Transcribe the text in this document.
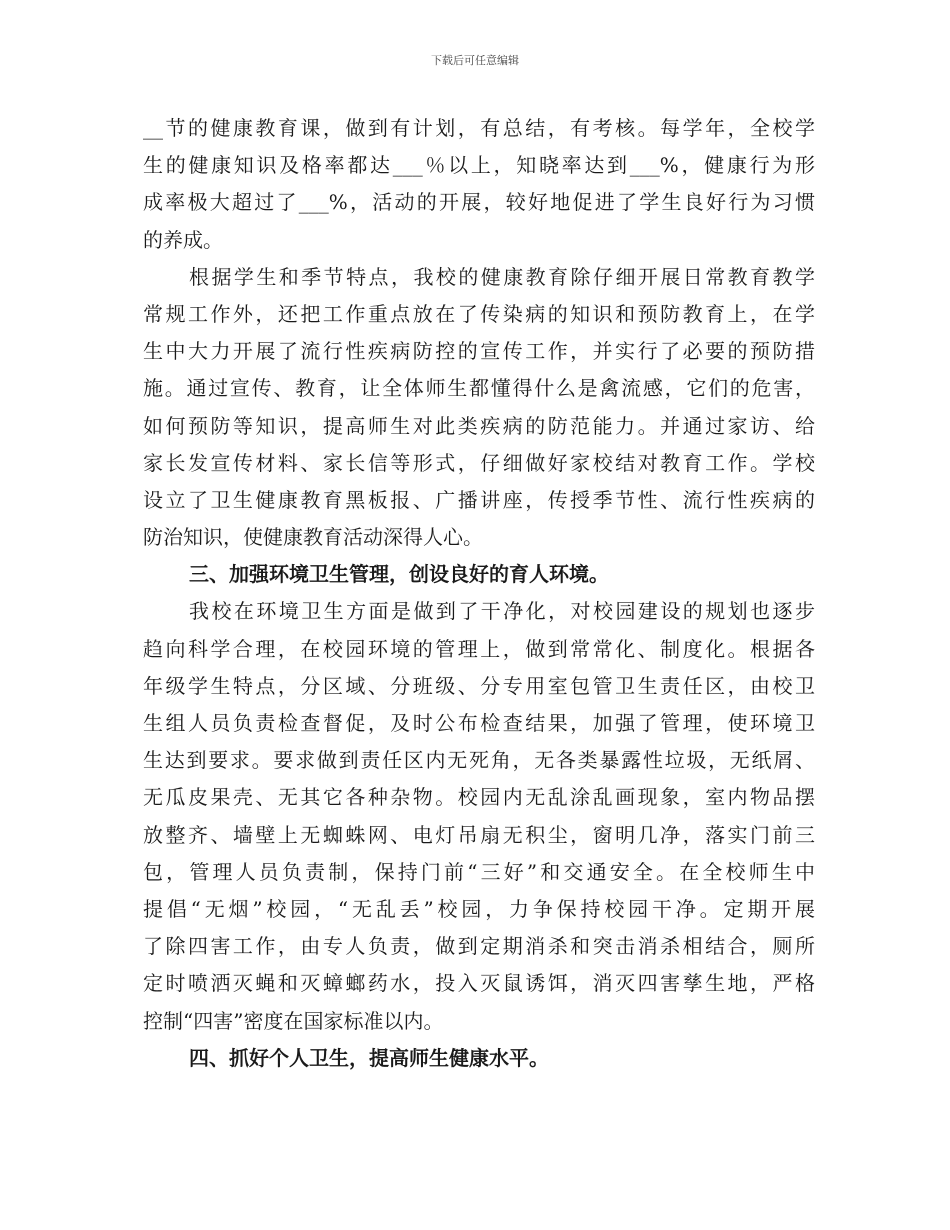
下载后可任意编辑
__节的健康教育课，做到有计划，有总结，有考核。每学年，全校学
生的健康知识及格率都达___％以上，知晓率达到___%，健康行为形
成率极大超过了___%，活动的开展，较好地促进了学生良好行为习惯
的养成。
根据学生和季节特点，我校的健康教育除仔细开展日常教育教学
常规工作外，还把工作重点放在了传染病的知识和预防教育上，在学
生中大力开展了流行性疾病防控的宣传工作，并实行了必要的预防措
施。通过宣传、教育，让全体师生都懂得什么是禽流感，它们的危害，
如何预防等知识，提高师生对此类疾病的防范能力。并通过家访、给
家长发宣传材料、家长信等形式，仔细做好家校结对教育工作。学校
设立了卫生健康教育黑板报、广播讲座，传授季节性、流行性疾病的
防治知识，使健康教育活动深得人心。
三、加强环境卫生管理，创设良好的育人环境。
我校在环境卫生方面是做到了干净化，对校园建设的规划也逐步
趋向科学合理，在校园环境的管理上，做到常常化、制度化。根据各
年级学生特点，分区域、分班级、分专用室包管卫生责任区，由校卫
生组人员负责检查督促，及时公布检查结果，加强了管理，使环境卫
生达到要求。要求做到责任区内无死角，无各类暴露性垃圾，无纸屑、
无瓜皮果壳、无其它各种杂物。校园内无乱涂乱画现象，室内物品摆
放整齐、墙壁上无蜘蛛网、电灯吊扇无积尘，窗明几净，落实门前三
包，管理人员负责制，保持门前“三好”和交通安全。在全校师生中
提倡“无烟”校园，“无乱丢”校园，力争保持校园干净。定期开展
了除四害工作，由专人负责，做到定期消杀和突击消杀相结合，厕所
定时喷洒灭蝇和灭蟑螂药水，投入灭鼠诱饵，消灭四害孳生地，严格
控制“四害”密度在国家标准以内。
四、抓好个人卫生，提高师生健康水平。
